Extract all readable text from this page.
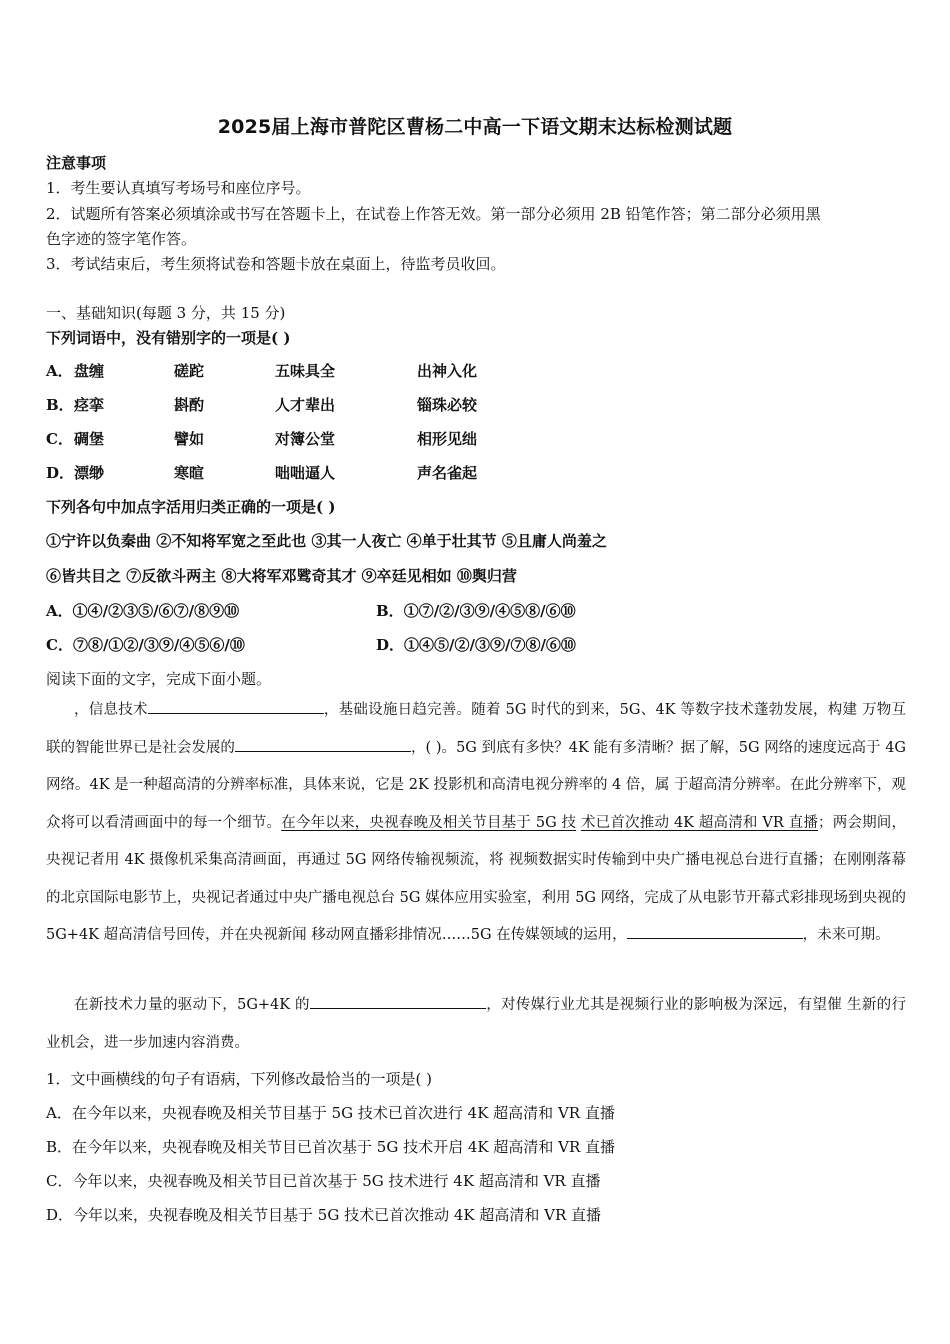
2025届上海市普陀区曹杨二中高一下语文期末达标检测试题
注意事项
1．考生要认真填写考场号和座位序号。
2．试题所有答案必须填涂或书写在答题卡上，在试卷上作答无效。第一部分必须用 2B 铅笔作答；第二部分必须用黑
色字迹的签字笔作答。
3．考试结束后，考生须将试卷和答题卡放在桌面上，待监考员收回。
一、基础知识(每题 3 分，共 15 分)
下列词语中，没有错别字的一项是( )
A． 盘缠	磋跎	五味具全	出神入化
B． 痉挛	斟酌	人才辈出	锱珠必较
C． 碉堡	譬如	对簿公堂	相形见绌
D． 漂缈	寒暄	咄咄逼人	声名雀起
下列各句中加点字活用归类正确的一项是( )
①宁许以负秦曲 ②不知将军宽之至此也 ③其一人夜亡 ④单于壮其节 ⑤且庸人尚羞之
⑥皆共目之 ⑦反欲斗两主 ⑧大将军邓骘奇其才 ⑨卒廷见相如 ⑩舆归营
A．①④/②③⑤/⑥⑦/⑧⑨⑩	B．①⑦/②/③⑨/④⑤⑧/⑥⑩
C．⑦⑧/①②/③⑨/④⑤⑥/⑩	D．①④⑤/②/③⑨/⑦⑧/⑥⑩
阅读下面的文字，完成下面小题。
，信息技术	，基础设施日趋完善。随着 5G 时代的到来，5G、4K 等数字技术蓬勃发展，构建 万物互联的智能世界已是社会发展的	，( )。5G 到底有多快？4K 能有多清晰？据了解，5G 网络的速度远高于 4G 网络。4K 是一种超高清的分辨率标准，具体来说，它是 2K 投影机和高清电视分辨率的 4 倍，属 于超高清分辨率。在此分辨率下，观众将可以看清画面中的每一个细节。在今年以来，央视春晚及相关节目基于 5G 技 术已首次推动 4K 超高清和 VR 直播；两会期间，央视记者用 4K 摄像机采集高清画面，再通过 5G 网络传输视频流，将 视频数据实时传输到中央广播电视总台进行直播；在刚刚落幕的北京国际电影节上，央视记者通过中央广播电视总台 5G 媒体应用实验室，利用 5G 网络，完成了从电影节开幕式彩排现场到央视的 5G+4K 超高清信号回传，并在央视新闻 移动网直播彩排情况……5G 在传媒领域的运用，	，未来可期。
在新技术力量的驱动下，5G+4K 的	，对传媒行业尤其是视频行业的影响极为深远，有望催 生新的行业机会，进一步加速内容消费。
1．文中画横线的句子有语病，下列修改最恰当的一项是( )
A．在今年以来，央视春晚及相关节目基于 5G 技术已首次进行 4K 超高清和 VR 直播
B．在今年以来，央视春晚及相关节目已首次基于 5G 技术开启 4K 超高清和 VR 直播
C．今年以来，央视春晚及相关节目已首次基于 5G 技术进行 4K 超高清和 VR 直播
D．今年以来，央视春晚及相关节目基于 5G 技术已首次推动 4K 超高清和 VR 直播
